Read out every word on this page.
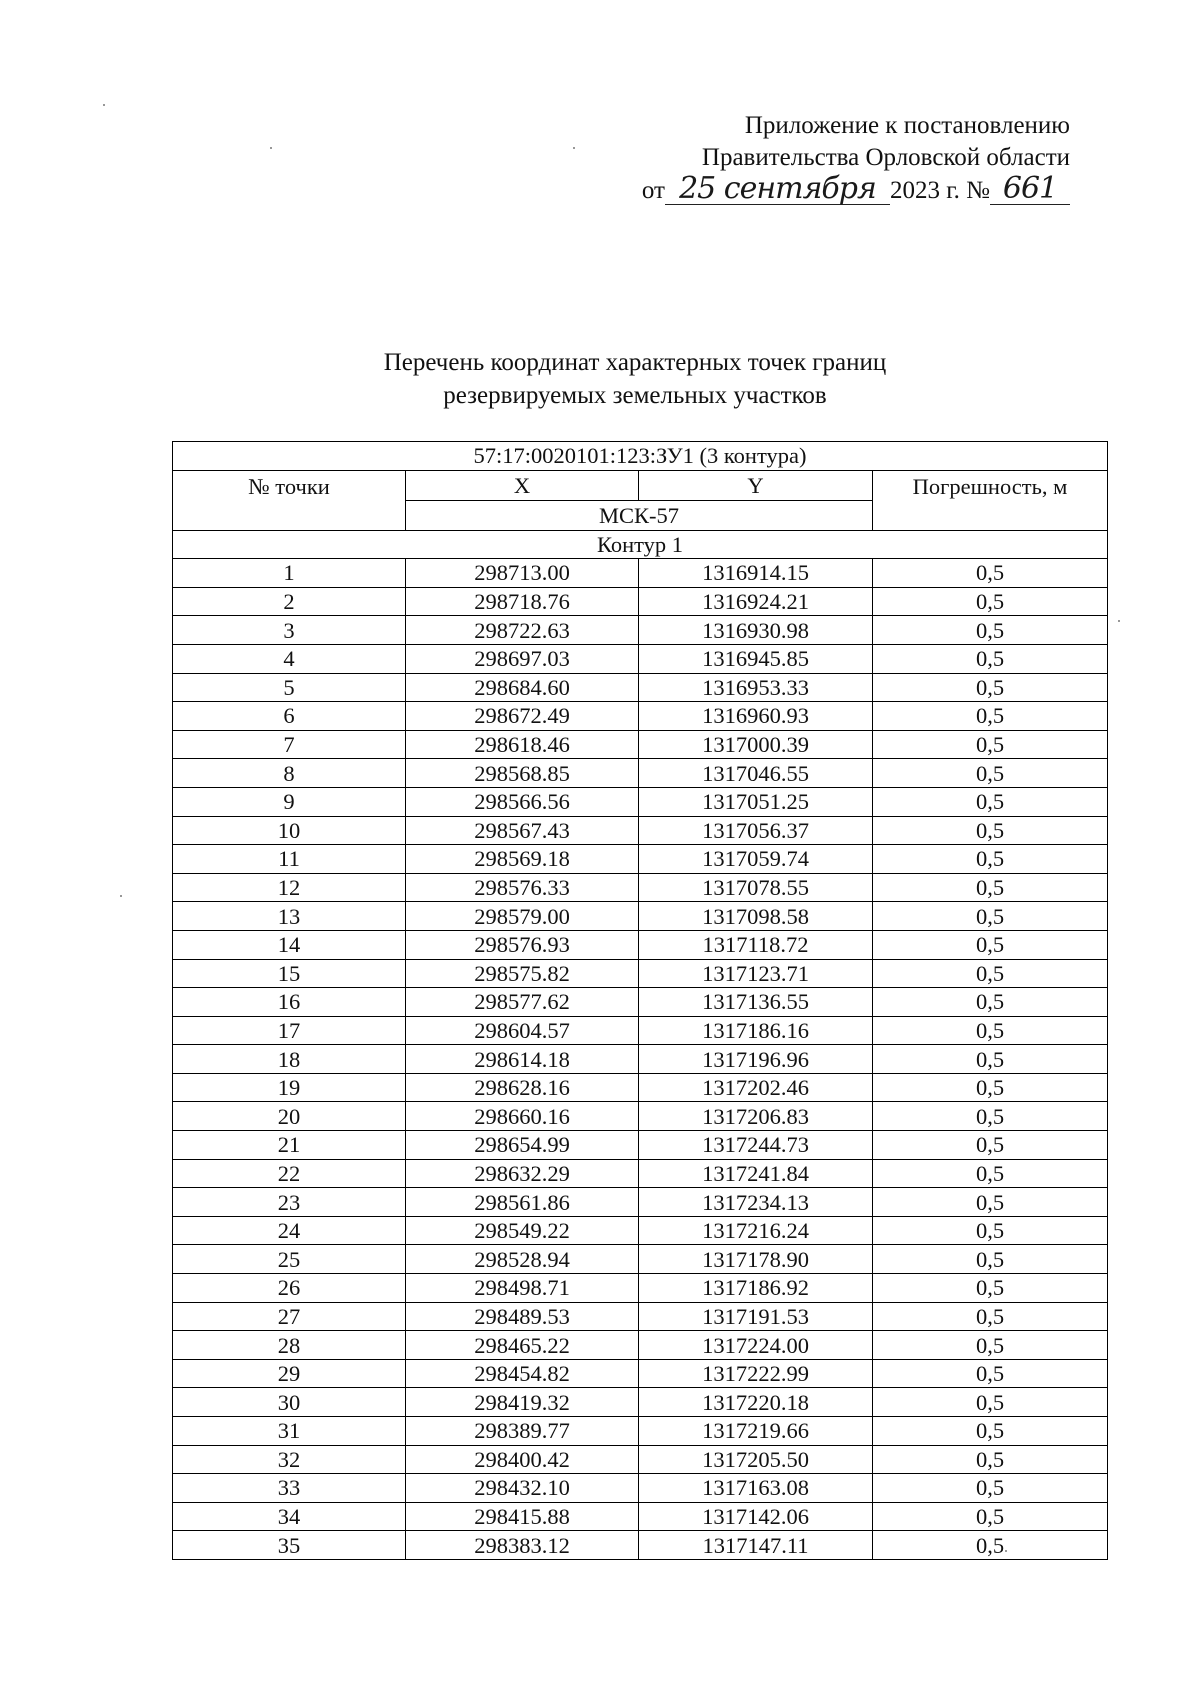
Приложение к постановлению
Правительства Орловской области
от 25 сентября 2023 г. № 661
Перечень координат характерных точек границ
резервируемых земельных участков
57:17:0020101:123:ЗУ1 (3 контура)			
№ точки	X	Y	Погрешность, м
	МСК-57		
Контур 1			
1	298713.00	1316914.15	0,5
2	298718.76	1316924.21	0,5
3	298722.63	1316930.98	0,5
4	298697.03	1316945.85	0,5
5	298684.60	1316953.33	0,5
6	298672.49	1316960.93	0,5
7	298618.46	1317000.39	0,5
8	298568.85	1317046.55	0,5
9	298566.56	1317051.25	0,5
10	298567.43	1317056.37	0,5
11	298569.18	1317059.74	0,5
12	298576.33	1317078.55	0,5
13	298579.00	1317098.58	0,5
14	298576.93	1317118.72	0,5
15	298575.82	1317123.71	0,5
16	298577.62	1317136.55	0,5
17	298604.57	1317186.16	0,5
18	298614.18	1317196.96	0,5
19	298628.16	1317202.46	0,5
20	298660.16	1317206.83	0,5
21	298654.99	1317244.73	0,5
22	298632.29	1317241.84	0,5
23	298561.86	1317234.13	0,5
24	298549.22	1317216.24	0,5
25	298528.94	1317178.90	0,5
26	298498.71	1317186.92	0,5
27	298489.53	1317191.53	0,5
28	298465.22	1317224.00	0,5
29	298454.82	1317222.99	0,5
30	298419.32	1317220.18	0,5
31	298389.77	1317219.66	0,5
32	298400.42	1317205.50	0,5
33	298432.10	1317163.08	0,5
34	298415.88	1317142.06	0,5
35	298383.12	1317147.11	0,5
